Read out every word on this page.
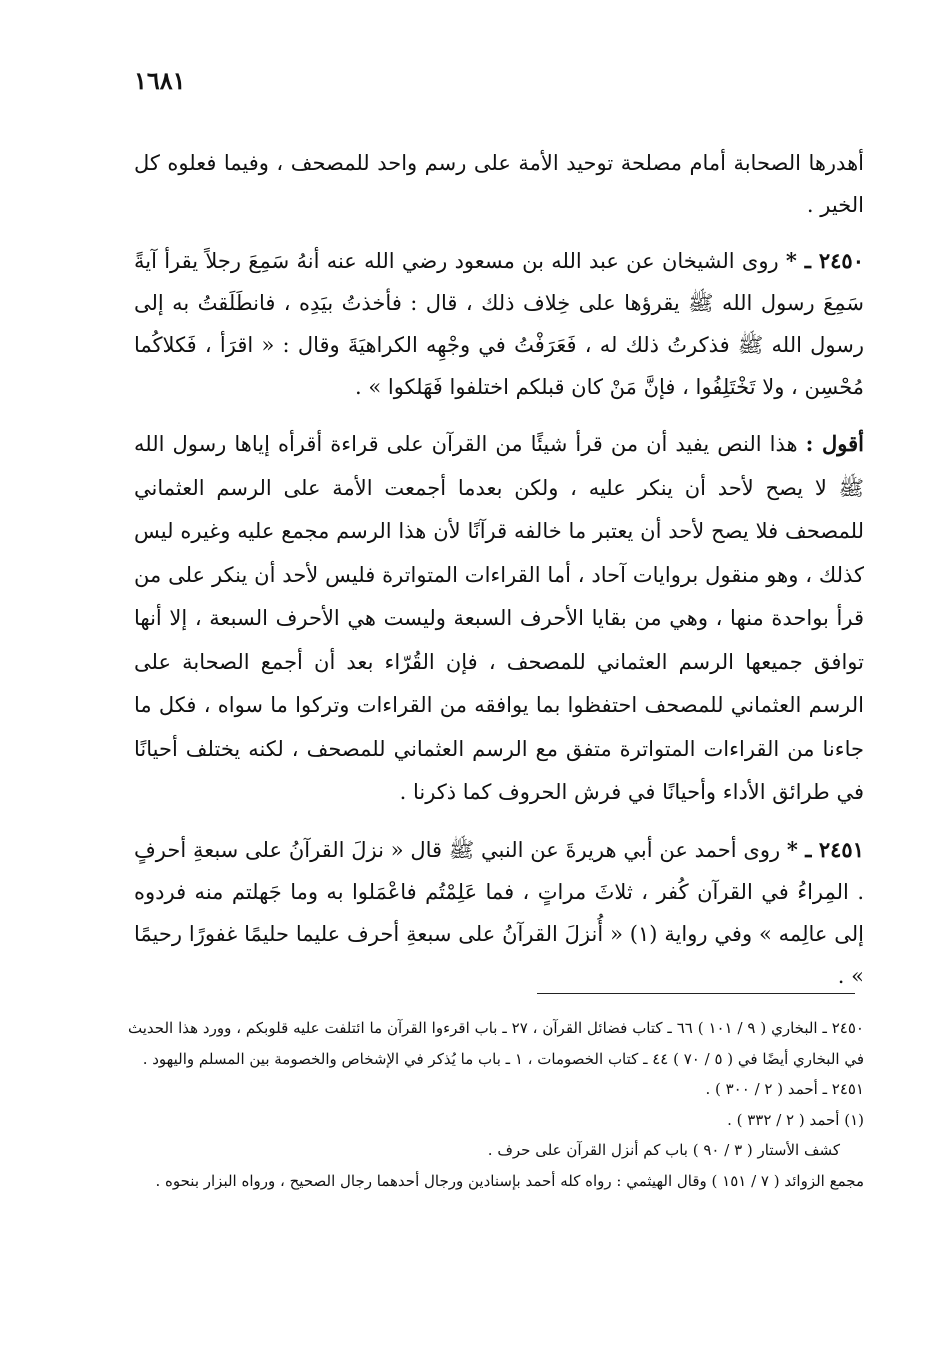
١٦٨١

أهدرها الصحابة أمام مصلحة توحيد الأمة على رسم واحد للمصحف ، وفيما فعلوه كل الخير .

٢٤٥٠ ـ * روى الشيخان عن عبد الله بن مسعود رضي الله عنه أنهُ سَمِعَ رجلاً يقرأ آيةً سَمِعَ رسول الله ﷺ يقرؤها على خِلاف ذلك ، قال : فأخذتُ بيَدِه ، فانطَلَقتُ به إلى رسول الله ﷺ فذكرتُ ذلك له ، فَعَرَفْتُ في وجْهِه الكراهيَةَ وقال : « اقرَأ ، فَكلاكُما مُحْسِن ، ولا تَخْتَلِفُوا ، فإنَّ مَنْ كان قبلكم اختلفوا فَهَلكوا » .

أقول : هذا النص يفيد أن من قرأ شيئًا من القرآن على قراءة أقرأه إياها رسول الله ﷺ لا يصح لأحد أن ينكر عليه ، ولكن بعدما أجمعت الأمة على الرسم العثماني للمصحف فلا يصح لأحد أن يعتبر ما خالفه قرآنًا لأن هذا الرسم مجمع عليه وغيره ليس كذلك ، وهو منقول بروايات آحاد ، أما القراءات المتواترة فليس لأحد أن ينكر على من قرأ بواحدة منها ، وهي من بقايا الأحرف السبعة وليست هي الأحرف السبعة ، إلا أنها توافق جميعها الرسم العثماني للمصحف ، فإن القُرّاء بعد أن أجمع الصحابة على الرسم العثماني للمصحف احتفظوا بما يوافقه من القراءات وتركوا ما سواه ، فكل ما جاءنا من القراءات المتواترة متفق مع الرسم العثماني للمصحف ، لكنه يختلف أحيانًا في طرائق الأداء وأحيانًا في فرش الحروف كما ذكرنا .

٢٤٥١ ـ * روى أحمد عن أبي هريرةَ عن النبي ﷺ قال « نزلَ القرآنُ على سبعةِ أحرفٍ . المِراءُ في القرآن كُفر ، ثلاثَ مراتٍ ، فما عَلِمْتُم فاعْمَلوا به وما جَهلتم منه فردوه إلى عالِمه » وفي رواية (١) « أُنزلَ القرآنُ على سبعةِ أحرف عليما حليمًا غفورًا رحيمًا » .

٢٤٥٠ ـ البخاري ( ٩ / ١٠١ ) ٦٦ ـ كتاب فضائل القرآن ، ٢٧ ـ باب اقرءوا القرآن ما ائتلفت عليه قلوبكم ، وورد هذا الحديث في البخاري أيضًا في ( ٥ / ٧٠ ) ٤٤ ـ كتاب الخصومات ، ١ ـ باب ما يُذكر في الإشخاص والخصومة بين المسلم واليهود .

٢٤٥١ ـ أحمد ( ٢ / ٣٠٠ ) .

(١) أحمد ( ٢ / ٣٣٢ ) .

كشف الأستار ( ٣ / ٩٠ ) باب كم أنزل القرآن على حرف .

مجمع الزوائد ( ٧ / ١٥١ ) وقال الهيثمي : رواه كله أحمد بإسنادين ورجال أحدهما رجال الصحيح ، ورواه البزار بنحوه .
